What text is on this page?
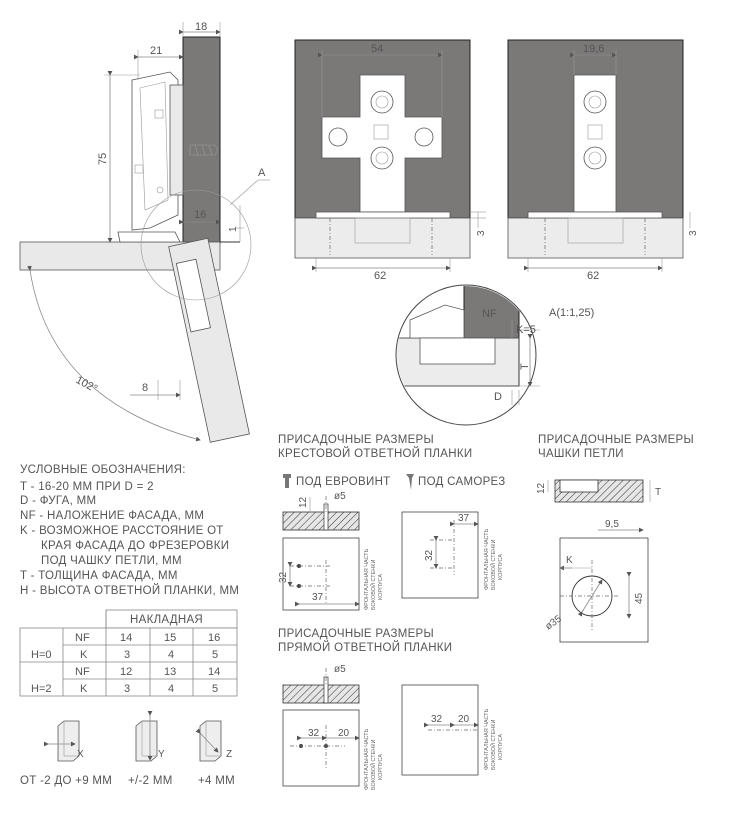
18
21
75
16
1
A
102°	8
54	19,6
3	3
62	62
NF
K=5
A(1:1,25)
T
D
ПРИСАДОЧНЫЕ РАЗМЕРЫ
КРЕСТОВОЙ ОТВЕТНОЙ ПЛАНКИ
ПОД ЕВРОВИНТ ПОД САМОРЕЗ
12
ø5
32
37
32
37
ПРИСАДОЧНЫЕ РАЗМЕРЫ
ПРЯМОЙ ОТВЕТНОЙ ПЛАНКИ
ø5
32 20
32 20
ФРОНТАЛЬНАЯ ЧАСТЬ БОКОВОЙ СТЕНКИ КОРПУСА	ФРОНТАЛЬНАЯ ЧАСТЬ БОКОВОЙ СТЕНКИ КОРПУСА
ФРОНТАЛЬНАЯ ЧАСТЬ БОКОВОЙ СТЕНКИ КОРПУСА	ФРОНТАЛЬНАЯ ЧАСТЬ БОКОВОЙ СТЕНКИ КОРПУСА
ПРИСАДОЧНЫЕ РАЗМЕРЫ
ЧАШКИ ПЕТЛИ
12	T
9,5
K
45
ø35
УСЛОВНЫЕ ОБОЗНАЧЕНИЯ:
T - 16-20 ММ ПРИ D = 2
D - ФУГА, ММ
NF - НАЛОЖЕНИЕ ФАСАДА, ММ
K - ВОЗМОЖНОЕ РАССТОЯНИЕ ОТ
КРАЯ ФАСАДА ДО ФРЕЗЕРОВКИ
ПОД ЧАШКУ ПЕТЛИ, ММ
T - ТОЛЩИНА ФАСАДА, ММ
H - ВЫСОТА ОТВЕТНОЙ ПЛАНКИ, ММ
НАКЛАДНАЯ
H=0
NF	14	15	16
K	3	4	5
H=2
NF	12	13	14
K	3	4	5
X	Y	Z
ОТ -2 ДО +9 ММ +/-2 ММ +4 ММ
